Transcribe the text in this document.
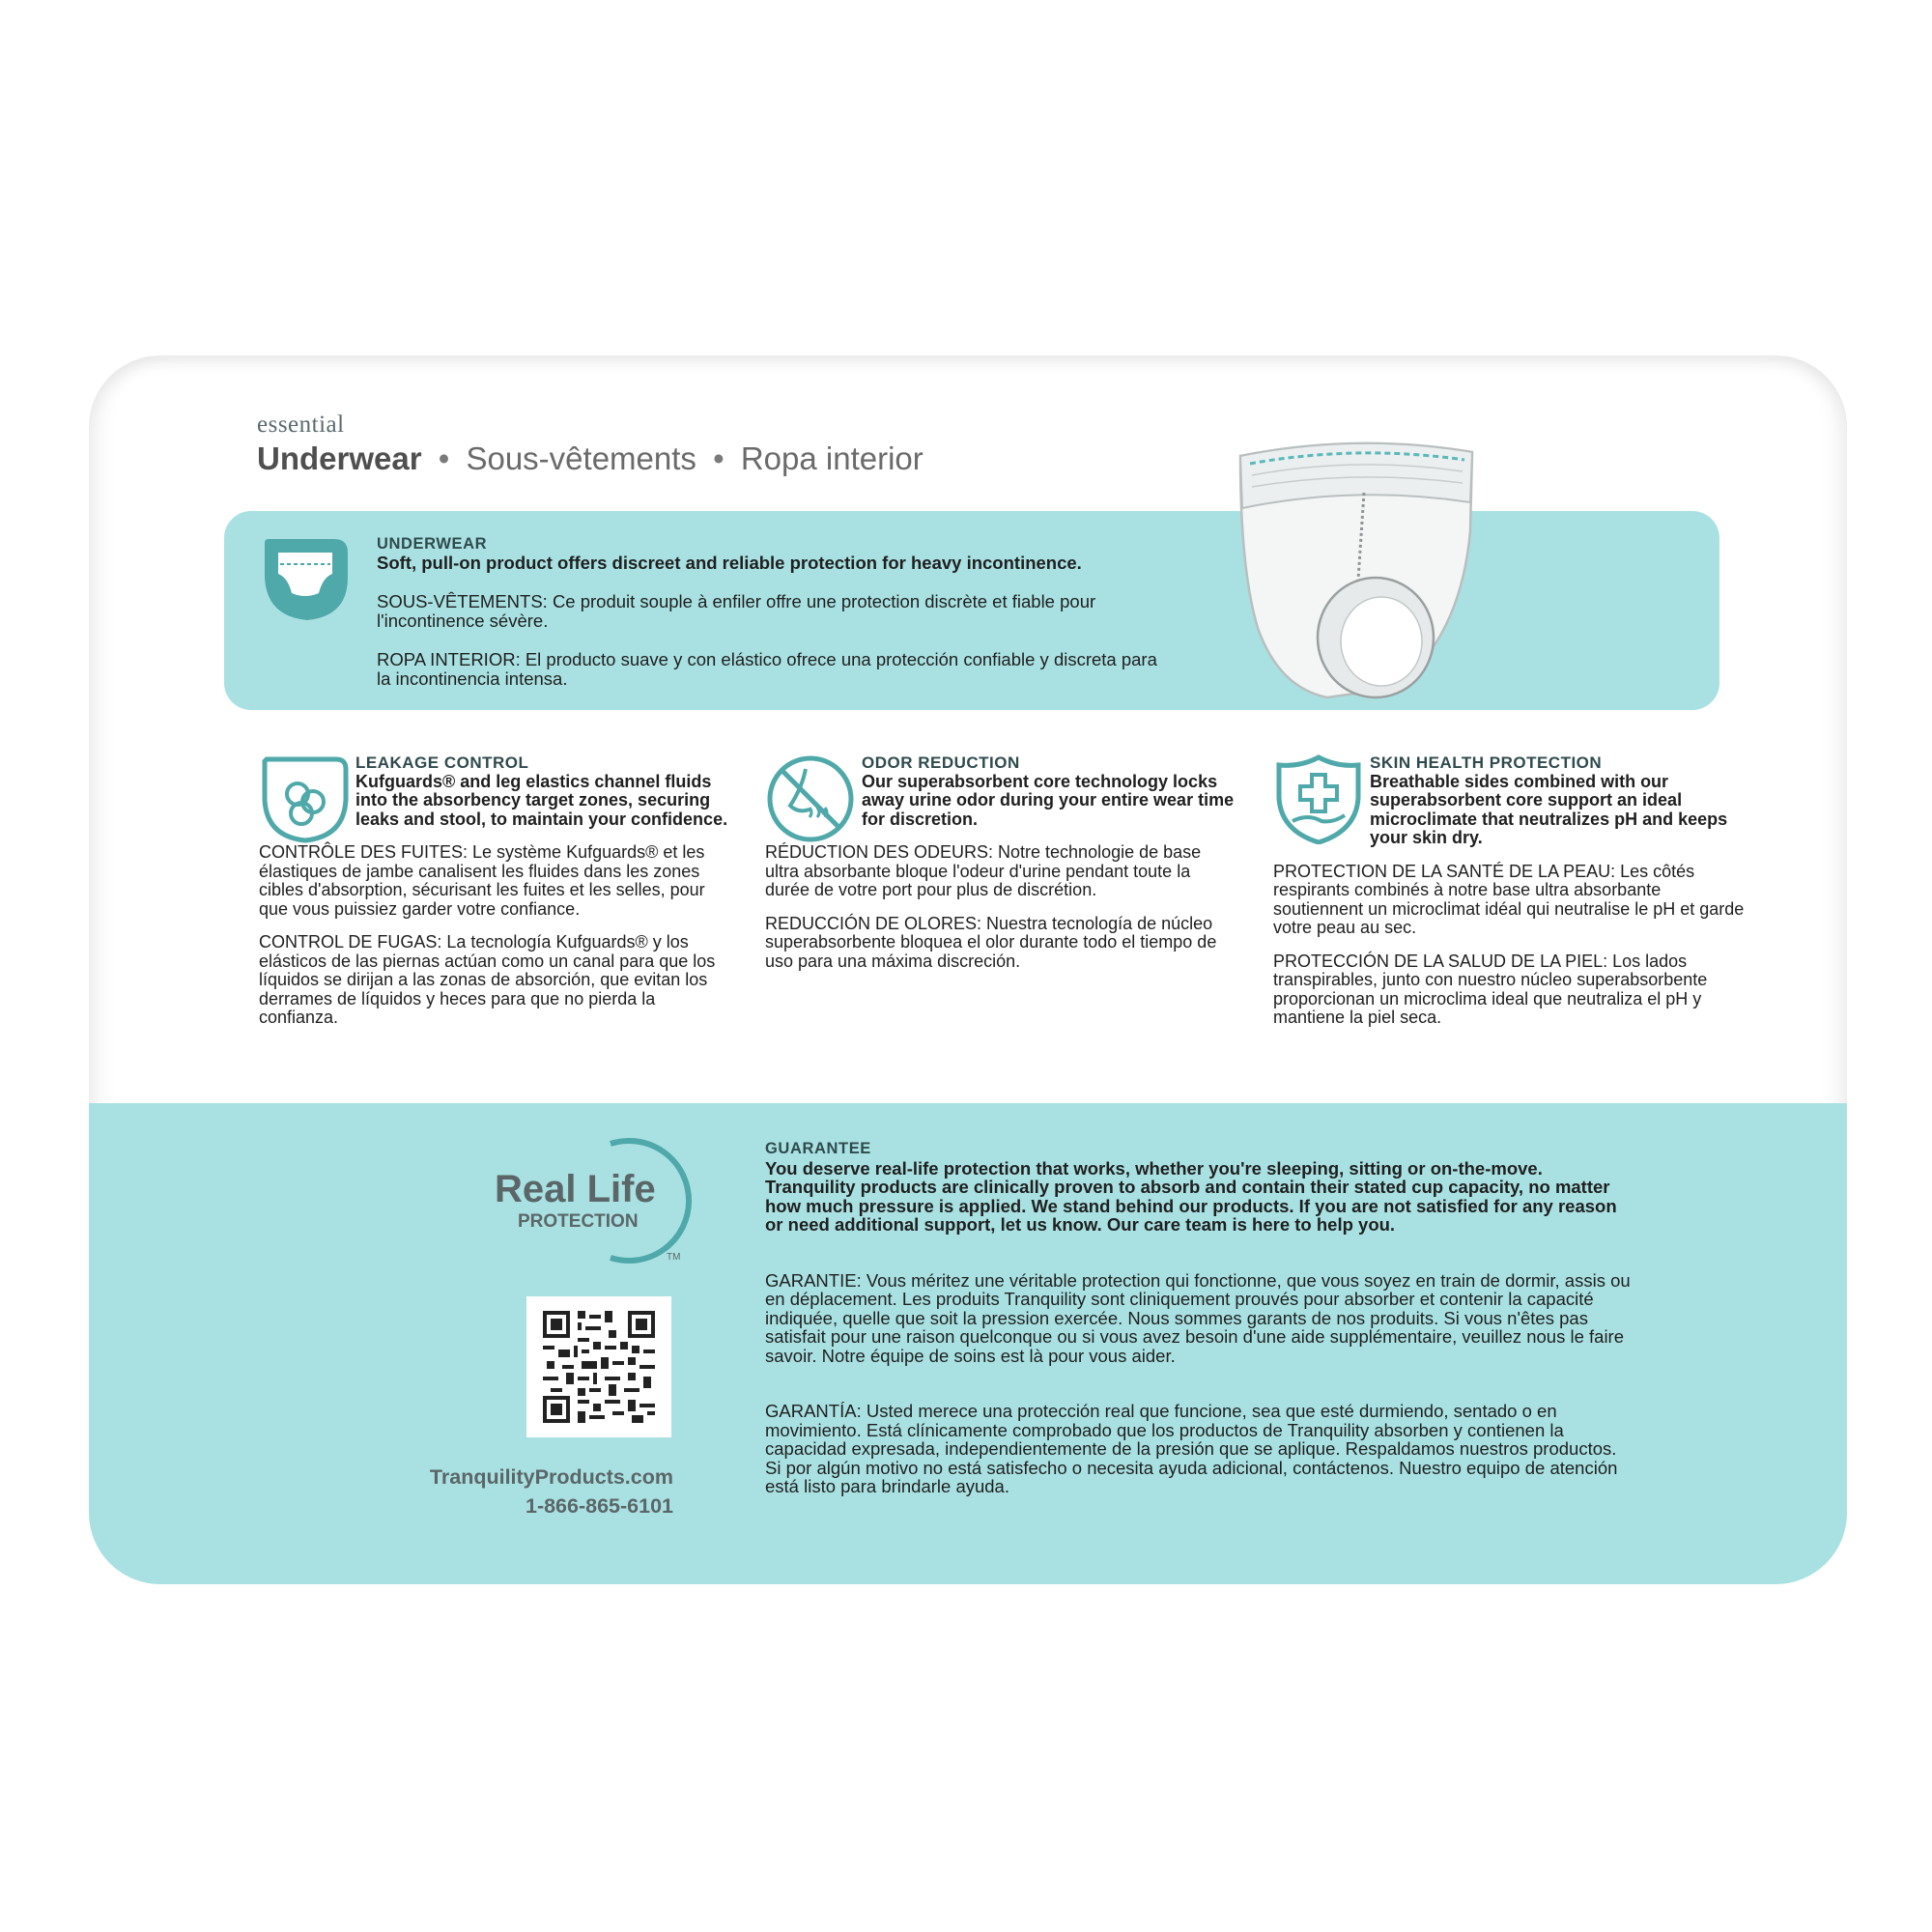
essential
Underwear • Sous-vêtements • Ropa interior

UNDERWEAR

Soft, pull-on product offers discreet and reliable protection for heavy incontinence.

SOUS-VÊTEMENTS: Ce produit souple à enfiler offre une protection discrète et fiable pour l'incontinence sévère.

ROPA INTERIOR: El producto suave y con elástico ofrece una protección confiable y discreta para la incontinencia intensa.

LEAKAGE CONTROL

Kufguards® and leg elastics channel fluids into the absorbency target zones, securing leaks and stool, to maintain your confidence.

CONTRÔLE DES FUITES: Le système Kufguards® et les élastiques de jambe canalisent les fluides dans les zones cibles d'absorption, sécurisant les fuites et les selles, pour que vous puissiez garder votre confiance.

CONTROL DE FUGAS: La tecnología Kufguards® y los elásticos de las piernas actúan como un canal para que los líquidos se dirijan a las zonas de absorción, que evitan los derrames de líquidos y heces para que no pierda la confianza.

ODOR REDUCTION

Our superabsorbent core technology locks away urine odor during your entire wear time for discretion.

RÉDUCTION DES ODEURS: Notre technologie de base ultra absorbante bloque l'odeur d'urine pendant toute la durée de votre port pour plus de discrétion.

REDUCCIÓN DE OLORES: Nuestra tecnología de núcleo superabsorbente bloquea el olor durante todo el tiempo de uso para una máxima discreción.

SKIN HEALTH PROTECTION

Breathable sides combined with our superabsorbent core support an ideal microclimate that neutralizes pH and keeps your skin dry.

PROTECTION DE LA SANTÉ DE LA PEAU: Les côtés respirants combinés à notre base ultra absorbante soutiennent un microclimat idéal qui neutralise le pH et garde votre peau au sec.

PROTECCIÓN DE LA SALUD DE LA PIEL: Los lados transpirables, junto con nuestro núcleo superabsorbente proporcionan un microclima ideal que neutraliza el pH y mantiene la piel seca.

Real Life
PROTECTION
TM
TranquilityProducts.com
1-866-865-6101

GUARANTEE

You deserve real-life protection that works, whether you're sleeping, sitting or on-the-move. Tranquility products are clinically proven to absorb and contain their stated cup capacity, no matter how much pressure is applied. We stand behind our products. If you are not satisfied for any reason or need additional support, let us know. Our care team is here to help you.

GARANTIE: Vous méritez une véritable protection qui fonctionne, que vous soyez en train de dormir, assis ou en déplacement. Les produits Tranquility sont cliniquement prouvés pour absorber et contenir la capacité indiquée, quelle que soit la pression exercée. Nous sommes garants de nos produits. Si vous n'êtes pas satisfait pour une raison quelconque ou si vous avez besoin d'une aide supplémentaire, veuillez nous le faire savoir. Notre équipe de soins est là pour vous aider.

GARANTÍA: Usted merece una protección real que funcione, sea que esté durmiendo, sentado o en movimiento. Está clínicamente comprobado que los productos de Tranquility absorben y contienen la capacidad expresada, independientemente de la presión que se aplique. Respaldamos nuestros productos. Si por algún motivo no está satisfecho o necesita ayuda adicional, contáctenos. Nuestro equipo de atención está listo para brindarle ayuda.
